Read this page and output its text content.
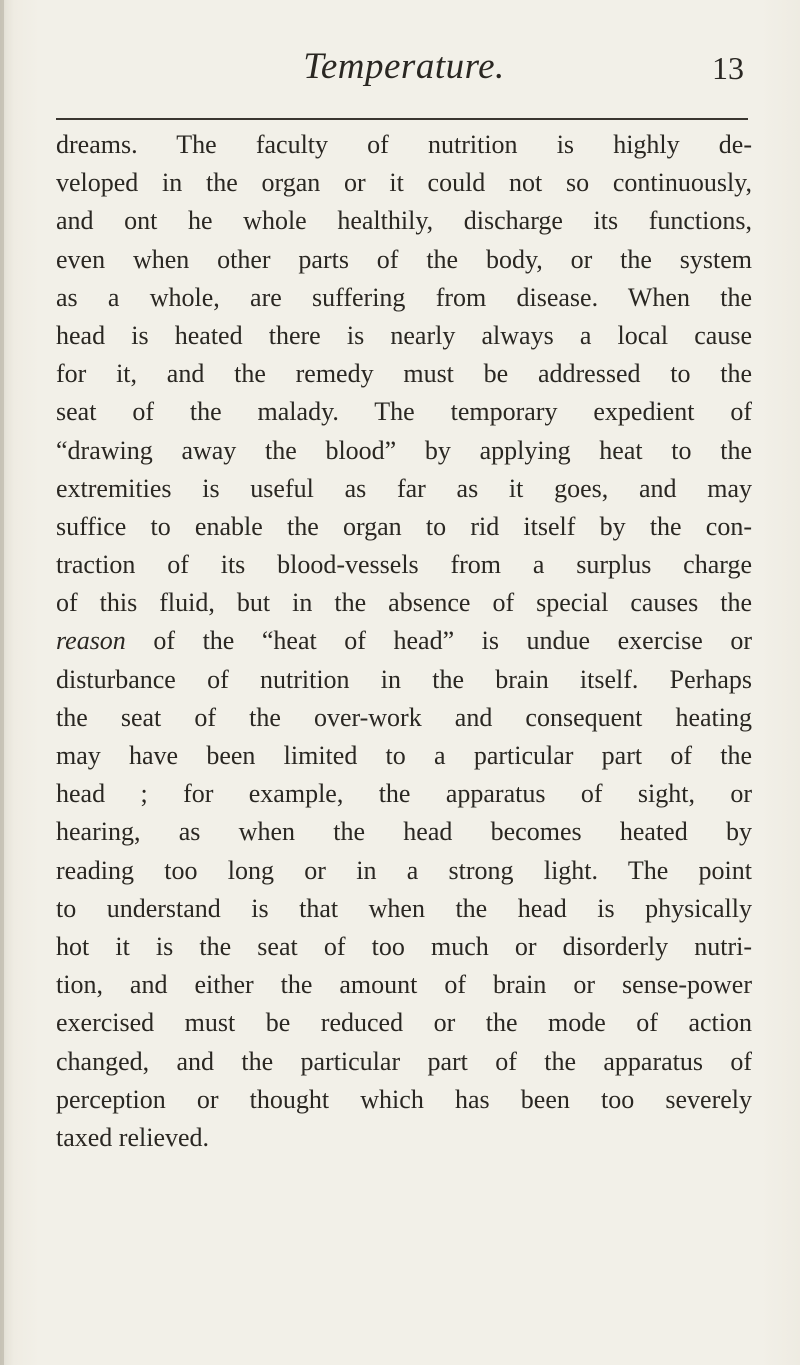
Temperature.	13
dreams. The faculty of nutrition is highly de-
veloped in the organ or it could not so continuously,
and ont he whole healthily, discharge its functions,
even when other parts of the body, or the system
as a whole, are suffering from disease. When the
head is heated there is nearly always a local cause
for it, and the remedy must be addressed to the
seat of the malady. The temporary expedient of
“drawing away the blood” by applying heat to the
extremities is useful as far as it goes, and may
suffice to enable the organ to rid itself by the con-
traction of its blood-vessels from a surplus charge
of this fluid, but in the absence of special causes the
reason of the “heat of head” is undue exercise or
disturbance of nutrition in the brain itself. Perhaps
the seat of the over-work and consequent heating
may have been limited to a particular part of the
head ; for example, the apparatus of sight, or
hearing, as when the head becomes heated by
reading too long or in a strong light. The point
to understand is that when the head is physically
hot it is the seat of too much or disorderly nutri-
tion, and either the amount of brain or sense-power
exercised must be reduced or the mode of action
changed, and the particular part of the apparatus of
perception or thought which has been too severely
taxed relieved.
